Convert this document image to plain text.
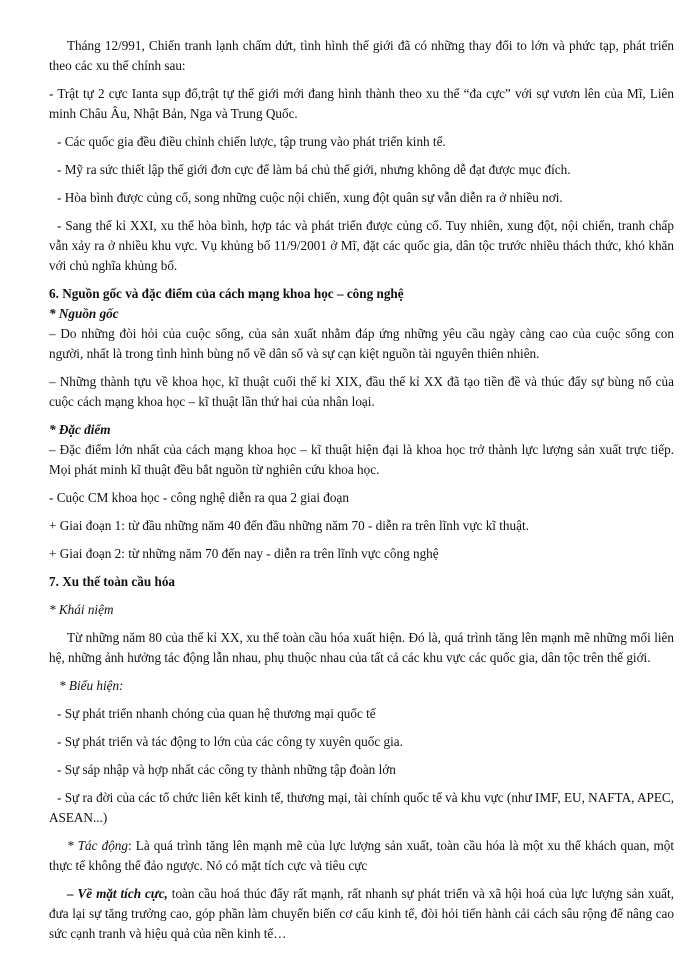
Tháng 12/991, Chiến tranh lạnh chấm dứt, tình hình thế giới đã có những thay đổi to lớn và phức tạp, phát triển theo các xu thế chính sau:

- Trật tự 2 cực Ianta sụp đổ,trật tự thế giới mới đang hình thành theo xu thế “đa cực” với sự vươn lên của Mĩ, Liên minh Châu Âu, Nhật Bản, Nga và Trung Quốc.

- Các quốc gia đều điều chỉnh chiến lược, tập trung vào phát triển kinh tế.

- Mỹ ra sức thiết lập thế giới đơn cực để làm bá chủ thế giới, nhưng không dễ đạt được mục đích.

- Hòa bình được củng cố, song những cuộc nội chiến, xung đột quân sự vẫn diễn ra ở nhiều nơi.

- Sang thế kỉ XXI, xu thế hòa bình, hợp tác và phát triển được củng cố. Tuy nhiên, xung đột, nội chiến, tranh chấp vẫn xảy ra ở nhiều khu vực. Vụ khủng bố 11/9/2001 ở Mĩ, đặt các quốc gia, dân tộc trước nhiều thách thức, khó khăn với chủ nghĩa khủng bố.

6. Nguồn gốc và đặc điểm của cách mạng khoa học – công nghệ

* Nguồn gốc

– Do những đòi hỏi của cuộc sống, của sản xuất nhằm đáp ứng những yêu cầu ngày càng cao của cuộc sống con người, nhất là trong tình hình bùng nổ về dân số và sự cạn kiệt nguồn tài nguyên thiên nhiên.

– Những thành tựu về khoa học, kĩ thuật cuối thế kỉ XIX, đầu thế kỉ XX đã tạo tiền đề và thúc đẩy sự bùng nổ của cuộc cách mạng khoa học – kĩ thuật lần thứ hai của nhân loại.

* Đặc điểm

– Đặc điểm lớn nhất của cách mạng khoa học – kĩ thuật hiện đại là khoa học trở thành lực lượng sản xuất trực tiếp. Mọi phát minh kĩ thuật đều bắt nguồn từ nghiên cứu khoa học.

- Cuộc CM khoa học - công nghệ diễn ra qua 2 giai đoạn

+ Giai đoạn 1: từ đầu những năm 40 đến đầu những năm 70 - diễn ra trên lĩnh vực kĩ thuật.

+ Giai đoạn 2: từ những năm 70 đến nay - diễn ra trên lĩnh vực công nghệ

7. Xu thế toàn cầu hóa

* Khái niệm

Từ những năm 80 của thế kỉ XX, xu thế toàn cầu hóa xuất hiện. Đó là, quá trình tăng lên mạnh mẽ những mối liên hệ, những ảnh hưởng tác động lẫn nhau, phụ thuộc nhau của tất cả các khu vực các quốc gia, dân tộc trên thế giới.

* Biểu hiện:

- Sự phát triển nhanh chóng của quan hệ thương mại quốc tế

- Sự phát triển và tác động to lớn của các công ty xuyên quốc gia.

- Sự sáp nhập và hợp nhất các công ty thành những tập đoàn lớn

- Sự ra đời của các tổ chức liên kết kinh tế, thương mại, tài chính quốc tế và khu vực (như IMF, EU, NAFTA, APEC, ASEAN...)

* Tác động: Là quá trình tăng lên mạnh mẽ của lực lượng sản xuất, toàn cầu hóa là một xu thế khách quan, một thực tế không thể đảo ngược. Nó có mặt tích cực và tiêu cực

– Về mặt tích cực, toàn cầu hoá thúc đẩy rất mạnh, rất nhanh sự phát triển và xã hội hoá của lực lượng sản xuất, đưa lại sự tăng trưởng cao, góp phần làm chuyển biến cơ cấu kinh tế, đòi hỏi tiến hành cải cách sâu rộng để nâng cao sức cạnh tranh và hiệu quả của nền kinh tế…
